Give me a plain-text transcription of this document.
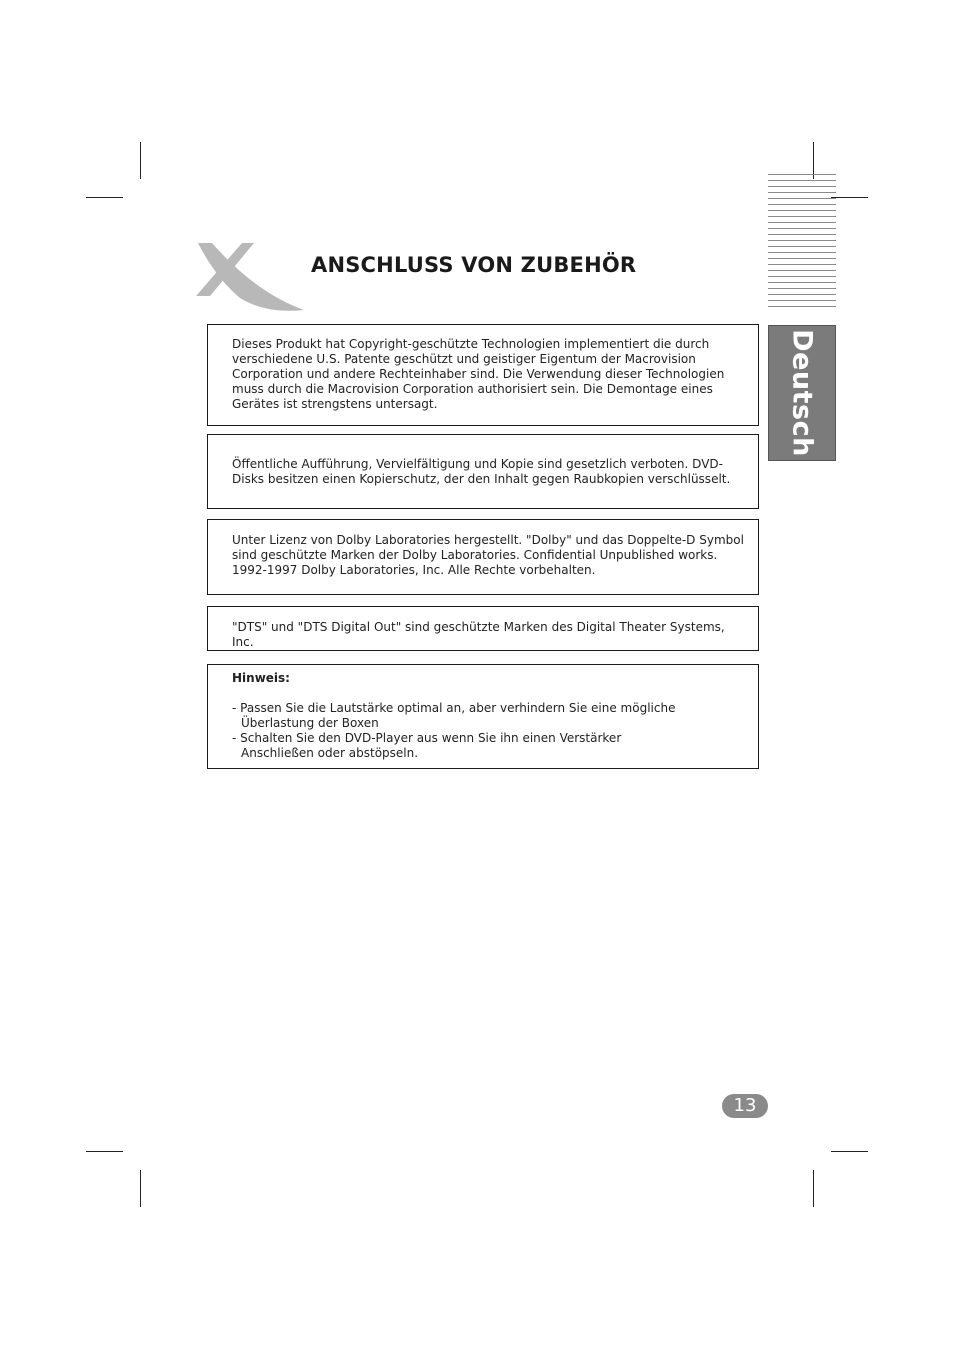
Deutsch
ANSCHLUSS VON ZUBEHÖR

Dieses Produkt hat Copyright-geschützte Technologien implementiert die durch verschiedene U.S. Patente geschützt und geistiger Eigentum der Macrovision Corporation und andere Rechteinhaber sind. Die Verwendung dieser Technologien muss durch die Macrovision Corporation authorisiert sein. Die Demontage eines Gerätes ist strengstens untersagt.

Öffentliche Aufführung, Vervielfältigung und Kopie sind gesetzlich verboten. DVD-Disks besitzen einen Kopierschutz, der den Inhalt gegen Raubkopien verschlüsselt.

Unter Lizenz von Dolby Laboratories hergestellt. "Dolby" und das Doppelte-D Symbol sind geschützte Marken der Dolby Laboratories. Confidential Unpublished works. 1992-1997 Dolby Laboratories, Inc. Alle Rechte vorbehalten.

"DTS" und "DTS Digital Out" sind geschützte Marken des Digital Theater Systems, Inc.

Hinweis:

- Passen Sie die Lautstärke optimal an, aber verhindern Sie eine mögliche
Überlastung der Boxen

- Schalten Sie den DVD-Player aus wenn Sie ihn einen Verstärker
Anschließen oder abstöpseln.

13
